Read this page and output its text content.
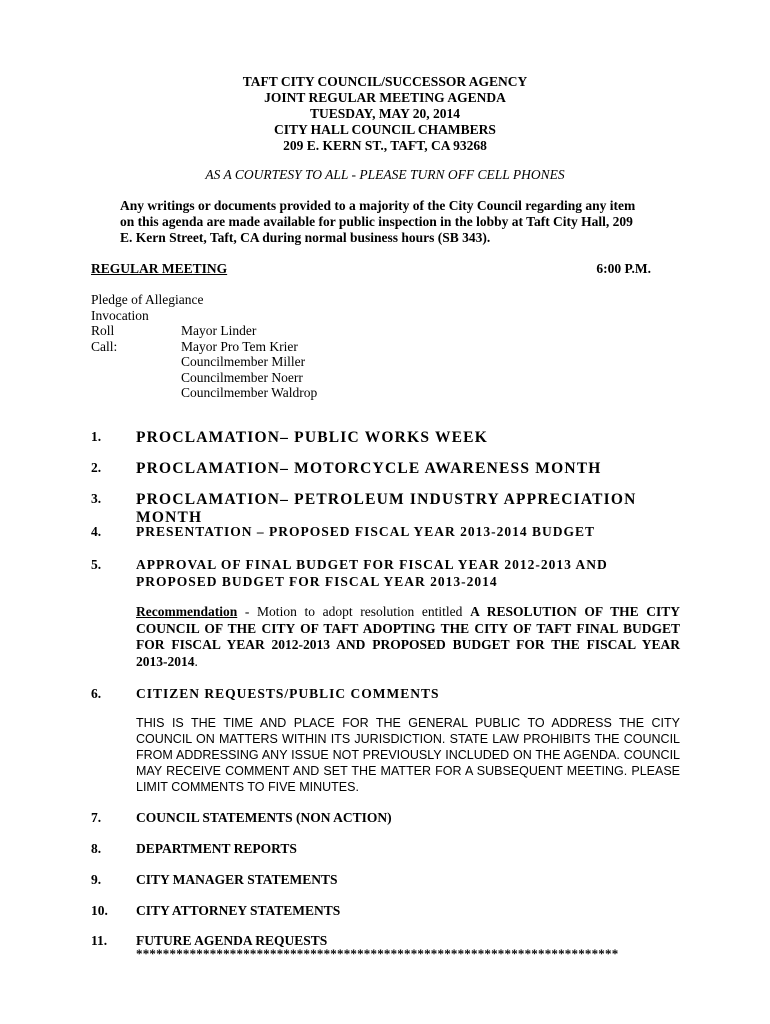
TAFT CITY COUNCIL/SUCCESSOR AGENCY
JOINT REGULAR MEETING AGENDA
TUESDAY, MAY 20, 2014
CITY HALL COUNCIL CHAMBERS
209 E. KERN ST., TAFT, CA 93268
AS A COURTESY TO ALL - PLEASE TURN OFF CELL PHONES
Any writings or documents provided to a majority of the City Council regarding any item on this agenda are made available for public inspection in the lobby at Taft City Hall, 209 E. Kern Street, Taft, CA during normal business hours (SB 343).
REGULAR MEETING	6:00 P.M.
Pledge of Allegiance
Invocation
Roll Call:
Mayor Linder
Mayor Pro Tem Krier
Councilmember Miller
Councilmember Noerr
Councilmember Waldrop
1. PROCLAMATION– PUBLIC WORKS WEEK
2. PROCLAMATION– MOTORCYCLE AWARENESS MONTH
3. PROCLAMATION– PETROLEUM INDUSTRY APPRECIATION MONTH
4.	PRESENTATION – PROPOSED FISCAL YEAR 2013-2014 BUDGET
5.	APPROVAL OF FINAL BUDGET FOR FISCAL YEAR 2012-2013 AND
PROPOSED BUDGET FOR FISCAL YEAR 2013-2014
Recommendation - Motion to adopt resolution entitled A RESOLUTION OF THE CITY COUNCIL OF THE CITY OF TAFT ADOPTING THE CITY OF TAFT FINAL BUDGET FOR FISCAL YEAR 2012-2013 AND PROPOSED BUDGET FOR THE FISCAL YEAR 2013-2014.
6.	CITIZEN REQUESTS/PUBLIC COMMENTS
THIS IS THE TIME AND PLACE FOR THE GENERAL PUBLIC TO ADDRESS THE CITY COUNCIL ON MATTERS WITHIN ITS JURISDICTION. STATE LAW PROHIBITS THE COUNCIL FROM ADDRESSING ANY ISSUE NOT PREVIOUSLY INCLUDED ON THE AGENDA. COUNCIL MAY RECEIVE COMMENT AND SET THE MATTER FOR A SUBSEQUENT MEETING. PLEASE LIMIT COMMENTS TO FIVE MINUTES.
7.	COUNCIL STATEMENTS (NON ACTION)
8.	DEPARTMENT REPORTS
9.	CITY MANAGER STATEMENTS
10. CITY ATTORNEY STATEMENTS
11. FUTURE AGENDA REQUESTS
************************************************************************
